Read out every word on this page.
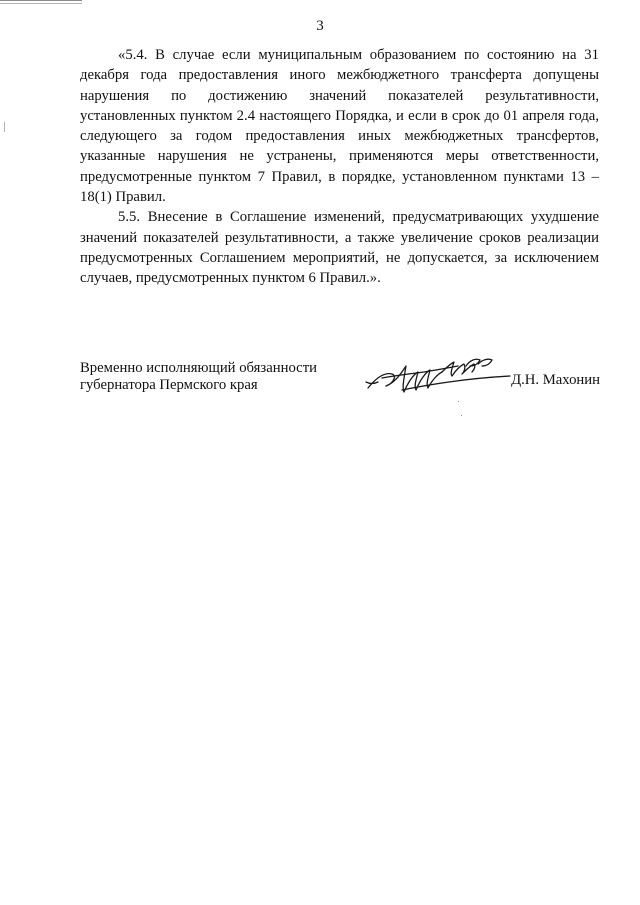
3

«5.4. В случае если муниципальным образованием по состоянию на 31 декабря года предоставления иного межбюджетного трансферта допущены нарушения по достижению значений показателей результативности, установленных пунктом 2.4 настоящего Порядка, и если в срок до 01 апреля года, следующего за годом предоставления иных межбюджетных трансфертов, указанные нарушения не устранены, применяются меры ответственности, предусмотренные пунктом 7 Правил, в порядке, установленном пунктами 13 – 18(1) Правил.

5.5. Внесение в Соглашение изменений, предусматривающих ухудшение значений показателей результативности, а также увеличение сроков реализации предусмотренных Соглашением мероприятий, не допускается, за исключением случаев, предусмотренных пунктом 6 Правил.».

Временно исполняющий обязанности
губернатора Пермского края	Д.Н. Махонин
